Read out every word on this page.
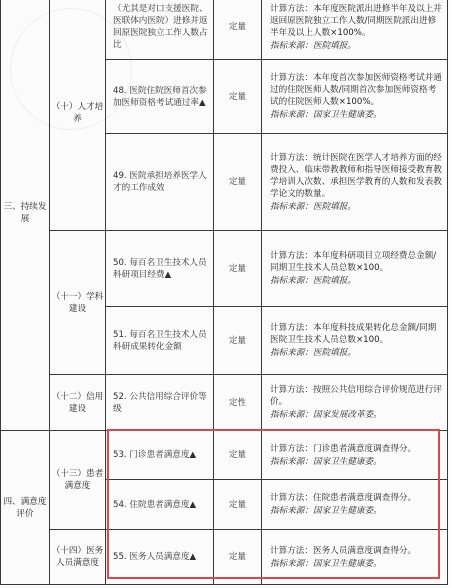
三、持续发展	（十）人才培养	（尤其是对口支援医院、医联体内医院）进修并返回原医院独立工作人数占比	定量	计算方法：本年度医院派出进修半年及以上并返回原医院独立工作人数/同期医院派出进修半年及以上人数×100%。
指标来源：医院填报。

		48. 医院住院医师首次参加医师资格考试通过率▲	定量	计算方法：本年度首次参加医师资格考试并通过的住院医师人数/同期首次参加医师资格考试的住院医师人数×100%。
指标来源：国家卫生健康委。

		49. 医院承担培养医学人才的工作成效	定量	计算方法：统计医院在医学人才培养方面的经费投入、临床带教教师和指导医师接受教育教学培训人次数、承担医学教育的人数和发表教学论文的数量。
指标来源：医院填报。

	（十一）学科建设	50. 每百名卫生技术人员科研项目经费▲	定量	计算方法：本年度科研项目立项经费总金额/同期卫生技术人员总数×100。
指标来源：医院填报。

		51. 每百名卫生技术人员科研成果转化金额	定量	计算方法：本年度科技成果转化总金额/同期医院卫生技术人员总数×100。
指标来源：医院填报。

	（十二）信用建设	52. 公共信用综合评价等级	定性	计算方法：按照公共信用综合评价规范进行评价。
指标来源：国家发展改革委。

四、满意度评价	（十三）患者满意度	53. 门诊患者满意度▲	定量	计算方法：门诊患者满意度调查得分。
指标来源：国家卫生健康委。

		54. 住院患者满意度▲	定量	计算方法：住院患者满意度调查得分。
指标来源：国家卫生健康委。

	（十四）医务人员满意度	55. 医务人员满意度▲	定量	计算方法：医务人员满意度调查得分。
指标来源：国家卫生健康委。
